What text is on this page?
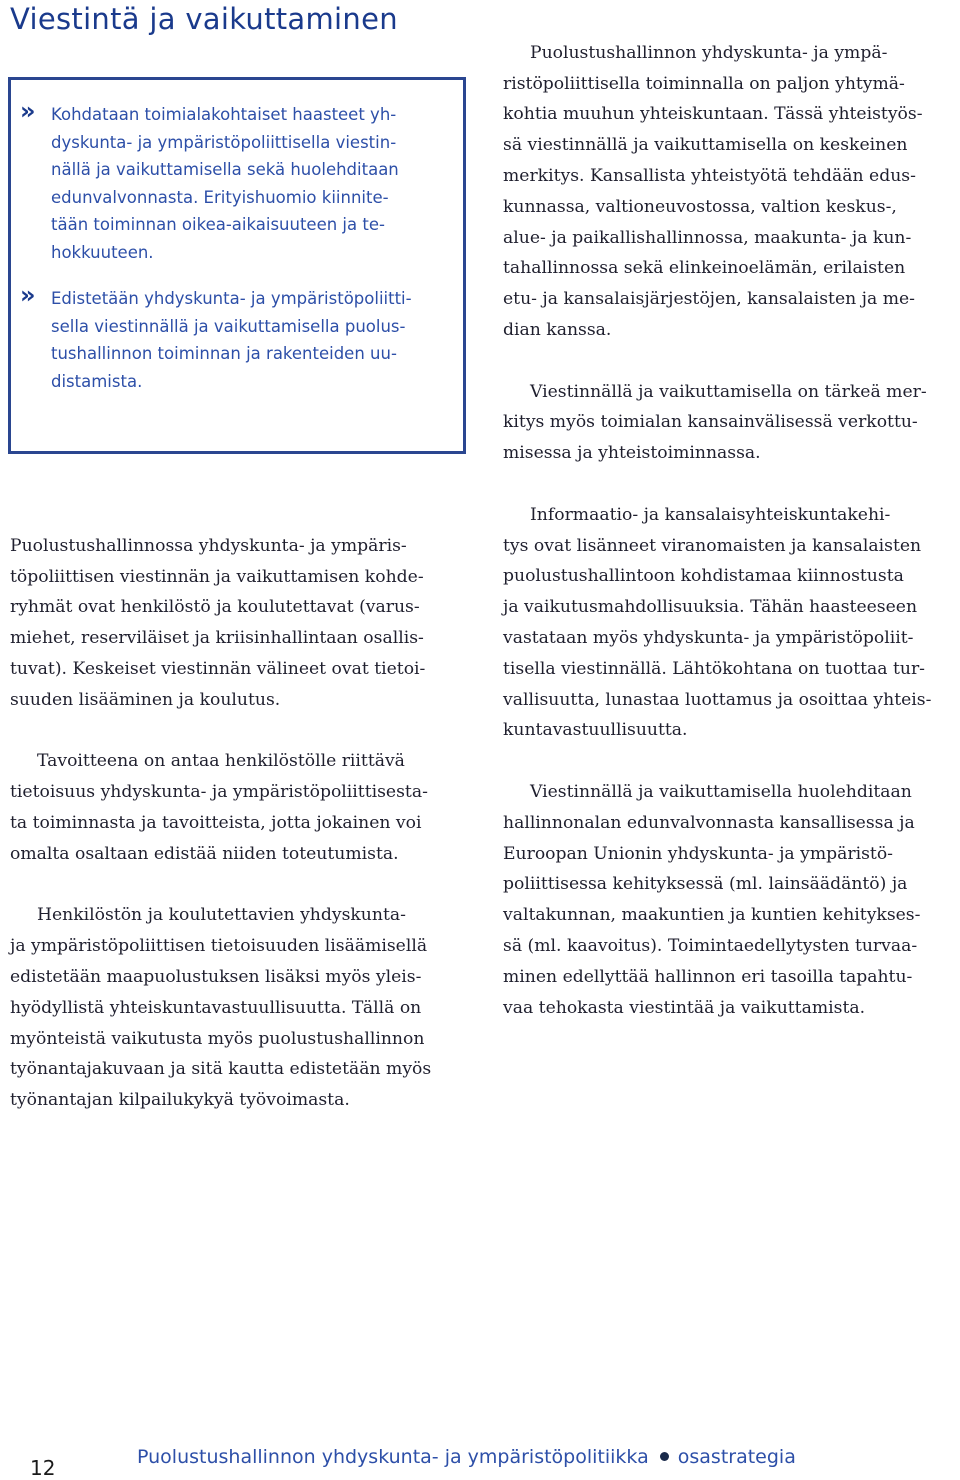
Viestintä ja vaikuttaminen
» Kohdataan toimialakohtaiset haasteet yh-
dyskunta- ja ympäristöpoliittisella viestin-
nällä ja vaikuttamisella sekä huolehditaan
edunvalvonnasta. Erityishuomio kiinnite-
tään toiminnan oikea-aikaisuuteen ja te-
hokkuuteen.
» Edistetään yhdyskunta- ja ympäristöpoliitti-
sella viestinnällä ja vaikuttamisella puolus-
tushallinnon toiminnan ja rakenteiden uu-
distamista.

Puolustushallinnossa yhdyskunta- ja ympäris-
töpoliittisen viestinnän ja vaikuttamisen kohde-
ryhmät ovat henkilöstö ja koulutettavat (varus-
miehet, reserviläiset ja kriisinhallintaan osallis-
tuvat). Keskeiset viestinnän välineet ovat tietoi-
suuden lisääminen ja koulutus.

Tavoitteena on antaa henkilöstölle riittävä
tietoisuus yhdyskunta- ja ympäristöpoliittisesta-
ta toiminnasta ja tavoitteista, jotta jokainen voi
omalta osaltaan edistää niiden toteutumista.

Henkilöstön ja koulutettavien yhdyskunta-
ja ympäristöpoliittisen tietoisuuden lisäämisellä
edistetään maapuolustuksen lisäksi myös yleis-
hyödyllistä yhteiskuntavastuullisuutta. Tällä on
myönteistä vaikutusta myös puolustushallinnon
työnantajakuvaan ja sitä kautta edistetään myös
työnantajan kilpailukykyä työvoimasta.

Puolustushallinnon yhdyskunta- ja ympä-
ristöpoliittisella toiminnalla on paljon yhtymä-
kohtia muuhun yhteiskuntaan. Tässä yhteistyös-
sä viestinnällä ja vaikuttamisella on keskeinen
merkitys. Kansallista yhteistyötä tehdään edus-
kunnassa, valtioneuvostossa, valtion keskus-,
alue- ja paikallishallinnossa, maakunta- ja kun-
tahallinnossa sekä elinkeinoelämän, erilaisten
etu- ja kansalaisjärjestöjen, kansalaisten ja me-
dian kanssa.

Viestinnällä ja vaikuttamisella on tärkeä mer-
kitys myös toimialan kansainvälisessä verkottu-
misessa ja yhteistoiminnassa.

Informaatio- ja kansalaisyhteiskuntakehi-
tys ovat lisänneet viranomaisten ja kansalaisten
puolustushallintoon kohdistamaa kiinnostusta
ja vaikutusmahdollisuuksia. Tähän haasteeseen
vastataan myös yhdyskunta- ja ympäristöpoliit-
tisella viestinnällä. Lähtökohtana on tuottaa tur-
vallisuutta, lunastaa luottamus ja osoittaa yhteis-
kuntavastuullisuutta.

Viestinnällä ja vaikuttamisella huolehditaan
hallinnonalan edunvalvonnasta kansallisessa ja
Euroopan Unionin yhdyskunta- ja ympäristö-
poliittisessa kehityksessä (ml. lainsäädäntö) ja
valtakunnan, maakuntien ja kuntien kehitykses-
sä (ml. kaavoitus). Toimintaedellytysten turvaa-
minen edellyttää hallinnon eri tasoilla tapahtu-
vaa tehokasta viestintää ja vaikuttamista.

12	Puolustushallinnon yhdyskunta- ja ympäristöpolitiikka osastrategia
